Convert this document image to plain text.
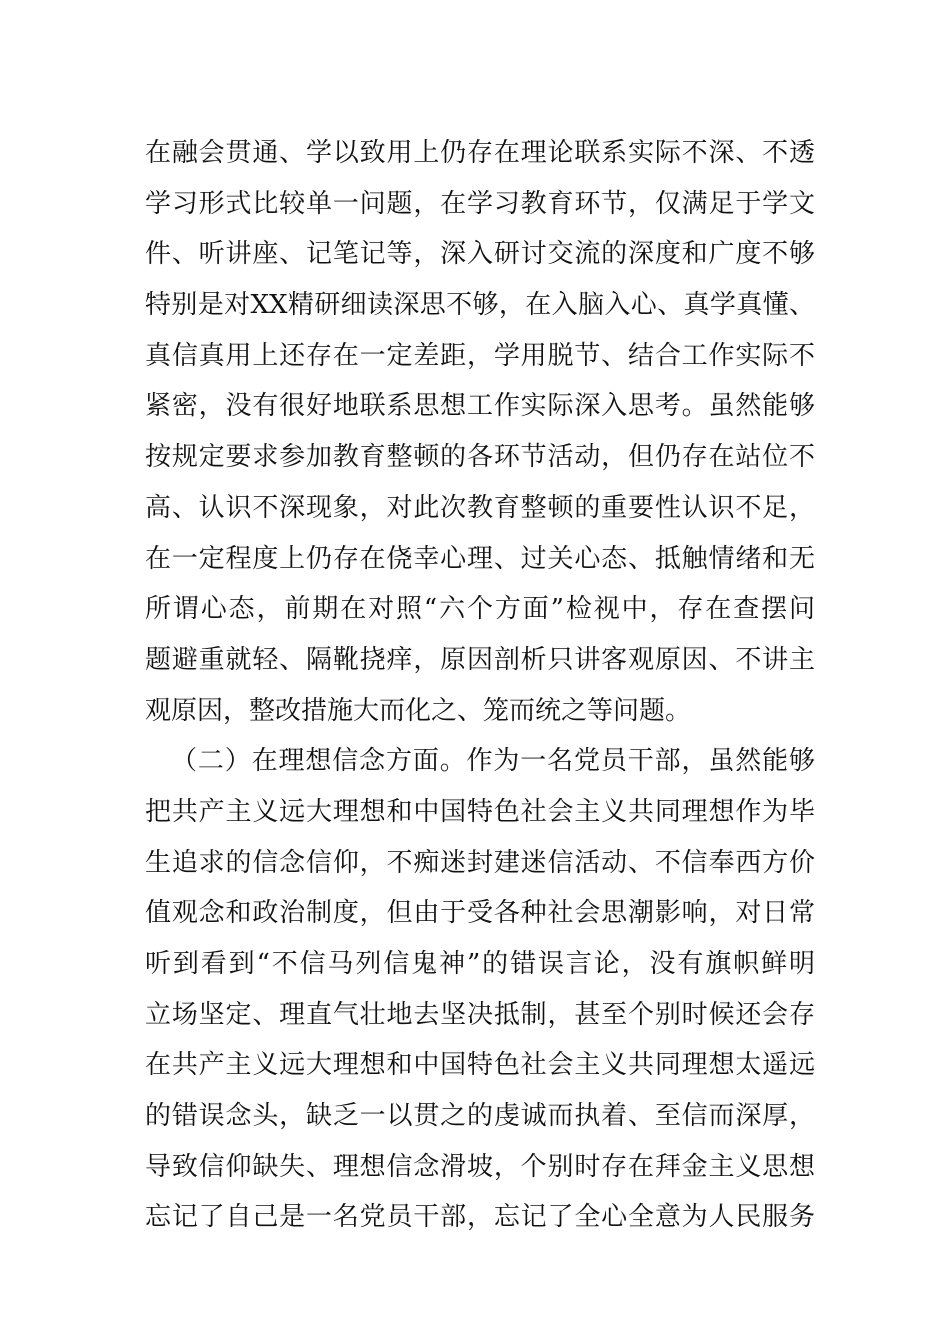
在融会贯通、学以致用上仍存在理论联系实际不深、不透
学习形式比较单一问题，在学习教育环节，仅满足于学文
件、听讲座、记笔记等，深入研讨交流的深度和广度不够
特别是对XX精研细读深思不够，在入脑入心、真学真懂、
真信真用上还存在一定差距，学用脱节、结合工作实际不
紧密，没有很好地联系思想工作实际深入思考。虽然能够
按规定要求参加教育整顿的各环节活动，但仍存在站位不
高、认识不深现象，对此次教育整顿的重要性认识不足，
在一定程度上仍存在侥幸心理、过关心态、抵触情绪和无
所谓心态，前期在对照“六个方面”检视中，存在查摆问
题避重就轻、隔靴挠痒，原因剖析只讲客观原因、不讲主
观原因，整改措施大而化之、笼而统之等问题。
（二）在理想信念方面。作为一名党员干部，虽然能够
把共产主义远大理想和中国特色社会主义共同理想作为毕
生追求的信念信仰，不痴迷封建迷信活动、不信奉西方价
值观念和政治制度，但由于受各种社会思潮影响，对日常
听到看到“不信马列信鬼神”的错误言论，没有旗帜鲜明
立场坚定、理直气壮地去坚决抵制，甚至个别时候还会存
在共产主义远大理想和中国特色社会主义共同理想太遥远
的错误念头，缺乏一以贯之的虔诚而执着、至信而深厚，
导致信仰缺失、理想信念滑坡，个别时存在拜金主义思想
忘记了自己是一名党员干部，忘记了全心全意为人民服务
